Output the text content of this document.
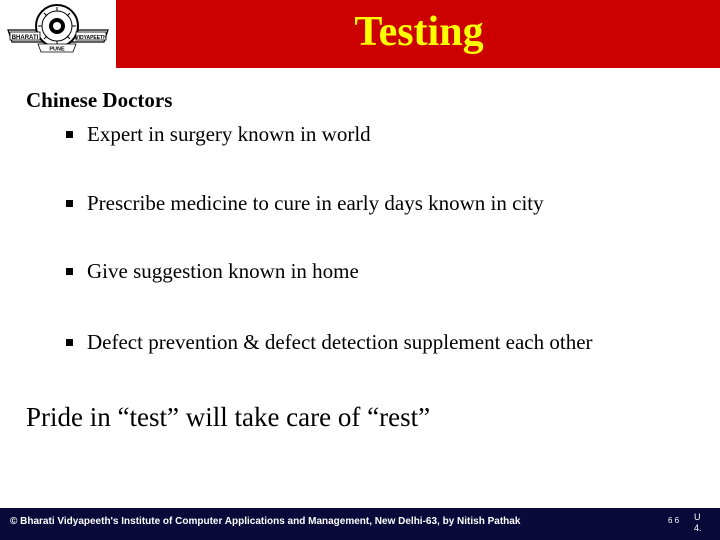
BHARATI	VIDYAPEETH
PUNE	Testing
Chinese Doctors
Expert in surgery known in world
Prescribe medicine to cure in early days known in city
Give suggestion known in home
Defect prevention & defect detection supplement each other
Pride in “test” will take care of “rest”
© Bharati Vidyapeeth's Institute of Computer Applications and Management, New Delhi-63, by Nitish Pathak	6 6 U
4.
